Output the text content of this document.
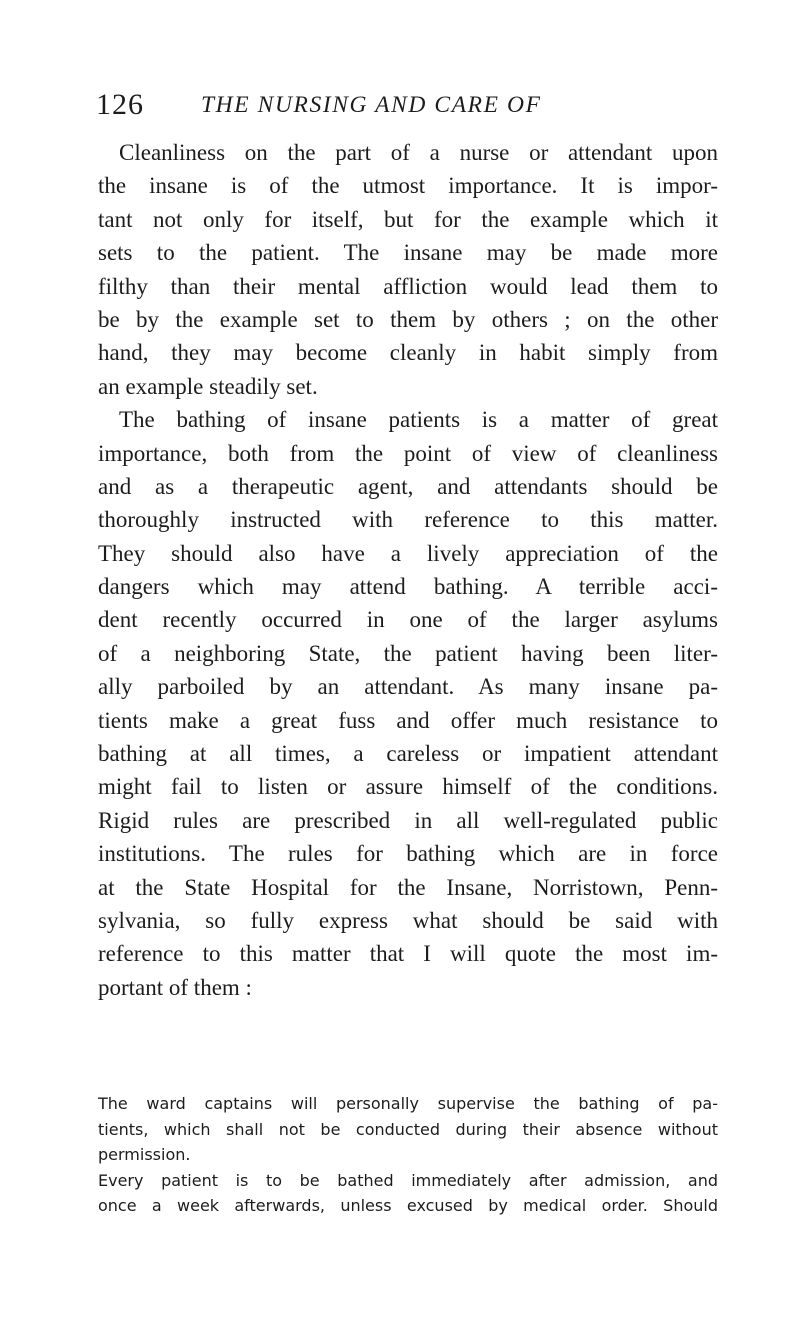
126 THE NURSING AND CARE OF
Cleanliness on the part of a nurse or attendant upon
the insane is of the utmost importance. It is impor-
tant not only for itself, but for the example which it
sets to the patient. The insane may be made more
filthy than their mental affliction would lead them to
be by the example set to them by others ; on the other
hand, they may become cleanly in habit simply from
an example steadily set.
The bathing of insane patients is a matter of great
importance, both from the point of view of cleanliness
and as a therapeutic agent, and attendants should be
thoroughly instructed with reference to this matter.
They should also have a lively appreciation of the
dangers which may attend bathing. A terrible acci-
dent recently occurred in one of the larger asylums
of a neighboring State, the patient having been liter-
ally parboiled by an attendant. As many insane pa-
tients make a great fuss and offer much resistance to
bathing at all times, a careless or impatient attendant
might fail to listen or assure himself of the conditions.
Rigid rules are prescribed in all well-regulated public
institutions. The rules for bathing which are in force
at the State Hospital for the Insane, Norristown, Penn-
sylvania, so fully express what should be said with
reference to this matter that I will quote the most im-
portant of them :
The ward captains will personally supervise the bathing of pa-
tients, which shall not be conducted during their absence without
permission.
Every patient is to be bathed immediately after admission, and
once a week afterwards, unless excused by medical order. Should
